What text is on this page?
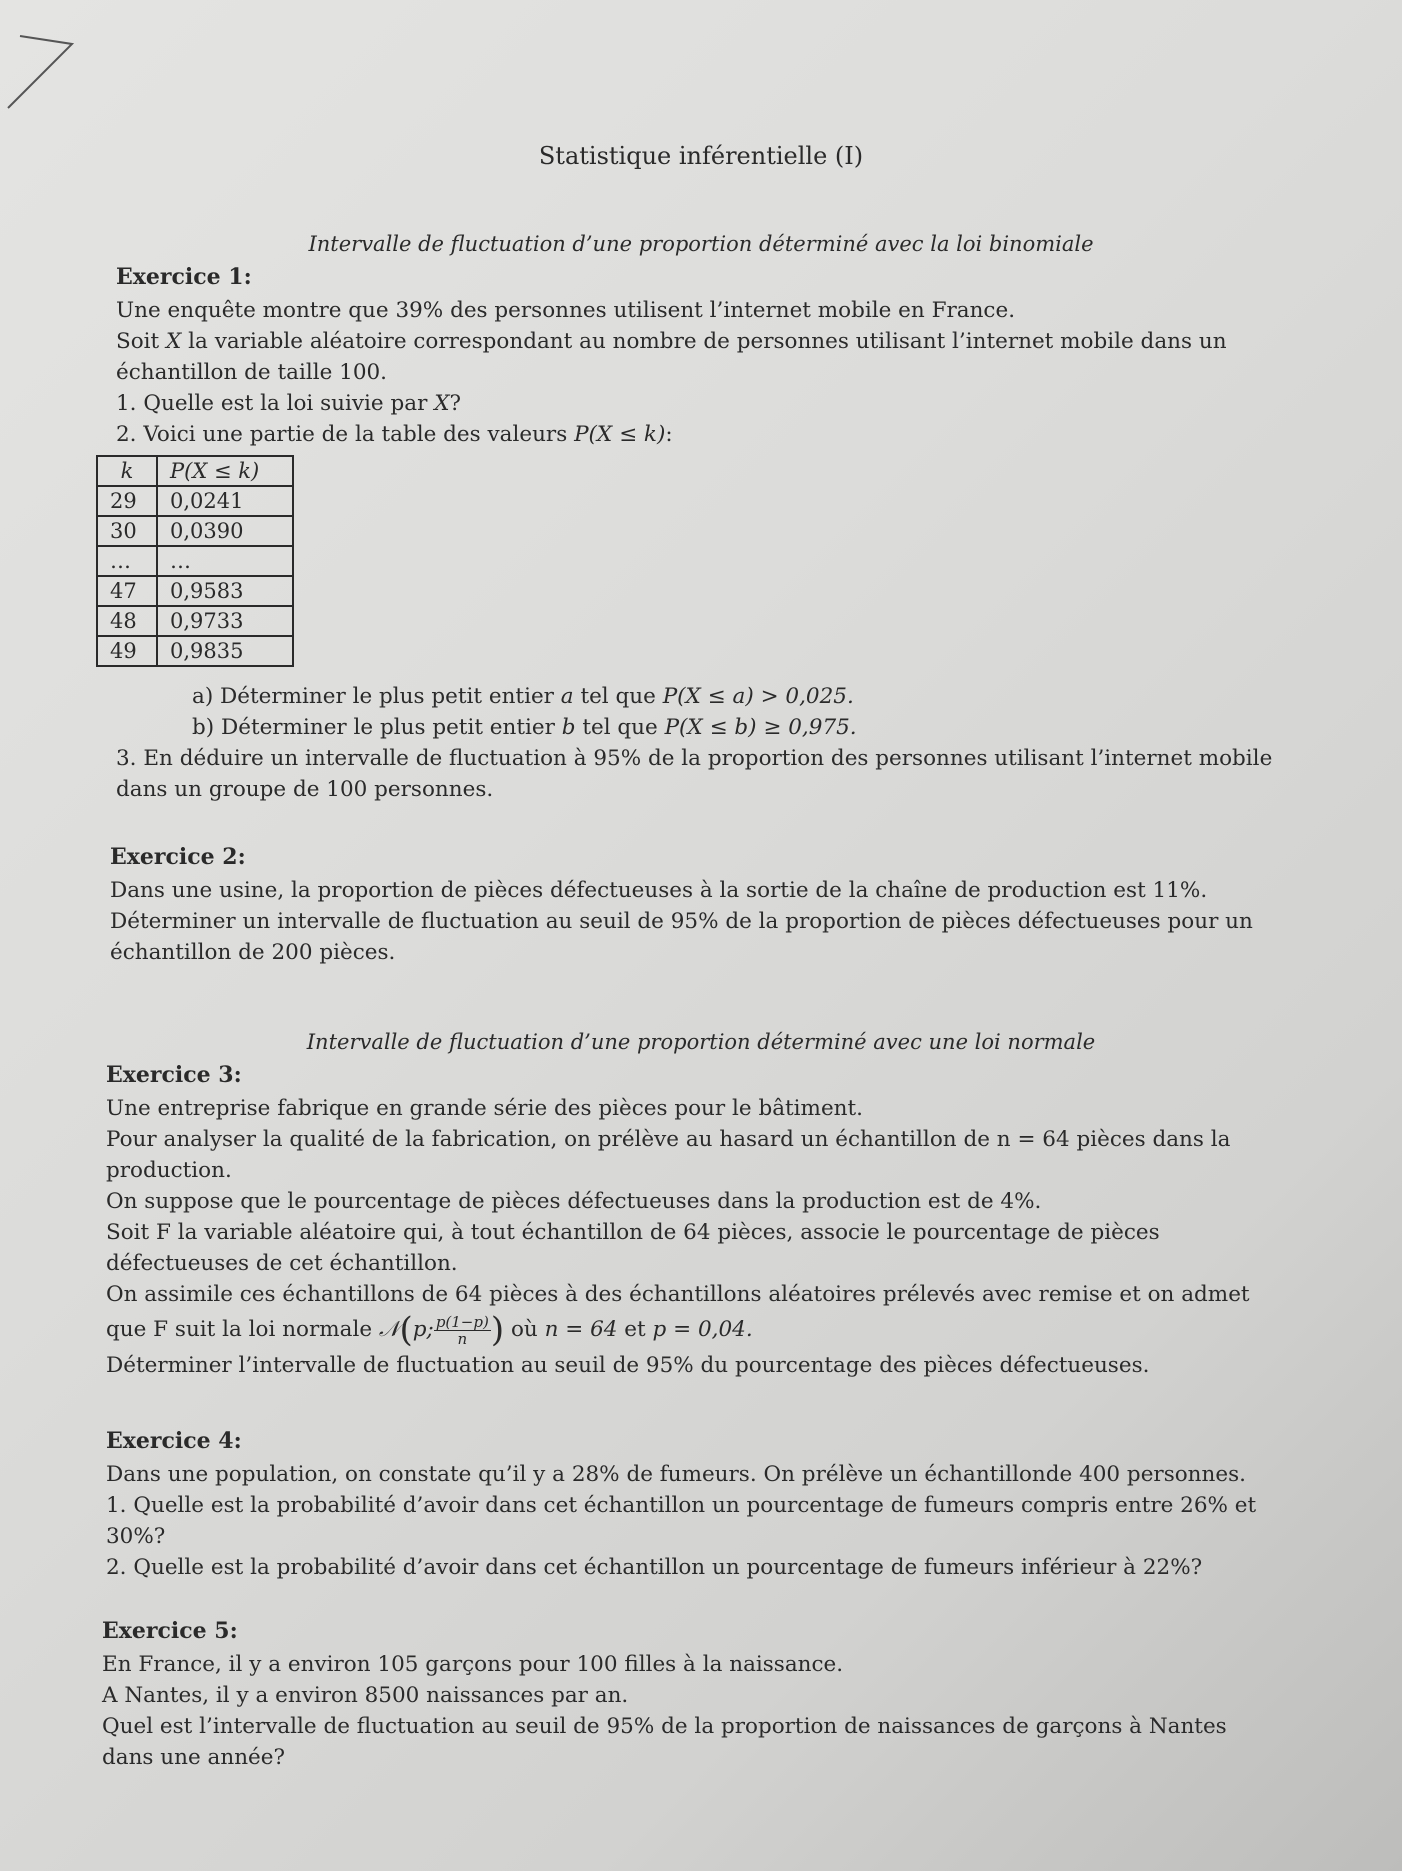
Statistique inférentielle (I)
Intervalle de fluctuation d’une proportion déterminé avec la loi binomiale
Exercice 1:

Une enquête montre que 39% des personnes utilisent l’internet mobile en France.

Soit X la variable aléatoire correspondant au nombre de personnes utilisant l’internet mobile dans un

échantillon de taille 100.

1. Quelle est la loi suivie par X?

2. Voici une partie de la table des valeurs P(X ≤ k):

k	P(X ≤ k)
29	0,0241
30	0,0390
…	…
47	0,9583
48	0,9733
49	0,9835

a) Déterminer le plus petit entier a tel que P(X ≤ a) > 0,025.

b) Déterminer le plus petit entier b tel que P(X ≤ b) ≥ 0,975.

3. En déduire un intervalle de fluctuation à 95% de la proportion des personnes utilisant l’internet mobile

dans un groupe de 100 personnes.

Exercice 2:

Dans une usine, la proportion de pièces défectueuses à la sortie de la chaîne de production est 11%.

Déterminer un intervalle de fluctuation au seuil de 95% de la proportion de pièces défectueuses pour un

échantillon de 200 pièces.

Intervalle de fluctuation d’une proportion déterminé avec une loi normale
Exercice 3:

Une entreprise fabrique en grande série des pièces pour le bâtiment.

Pour analyser la qualité de la fabrication, on prélève au hasard un échantillon de n = 64 pièces dans la

production.

On suppose que le pourcentage de pièces défectueuses dans la production est de 4%.

Soit F la variable aléatoire qui, à tout échantillon de 64 pièces, associe le pourcentage de pièces

défectueuses de cet échantillon.

On assimile ces échantillons de 64 pièces à des échantillons aléatoires prélevés avec remise et on admet

que F suit la loi normale 𝒩(p; $\frac{p(1-p)}{n}$ ) où n = 64 et p = 0,04.

Déterminer l’intervalle de fluctuation au seuil de 95% du pourcentage des pièces défectueuses.

Exercice 4:

Dans une population, on constate qu’il y a 28% de fumeurs. On prélève un échantillonde 400 personnes.

1. Quelle est la probabilité d’avoir dans cet échantillon un pourcentage de fumeurs compris entre 26% et

30%?

2. Quelle est la probabilité d’avoir dans cet échantillon un pourcentage de fumeurs inférieur à 22%?

Exercice 5:

En France, il y a environ 105 garçons pour 100 filles à la naissance.

A Nantes, il y a environ 8500 naissances par an.

Quel est l’intervalle de fluctuation au seuil de 95% de la proportion de naissances de garçons à Nantes

dans une année?
